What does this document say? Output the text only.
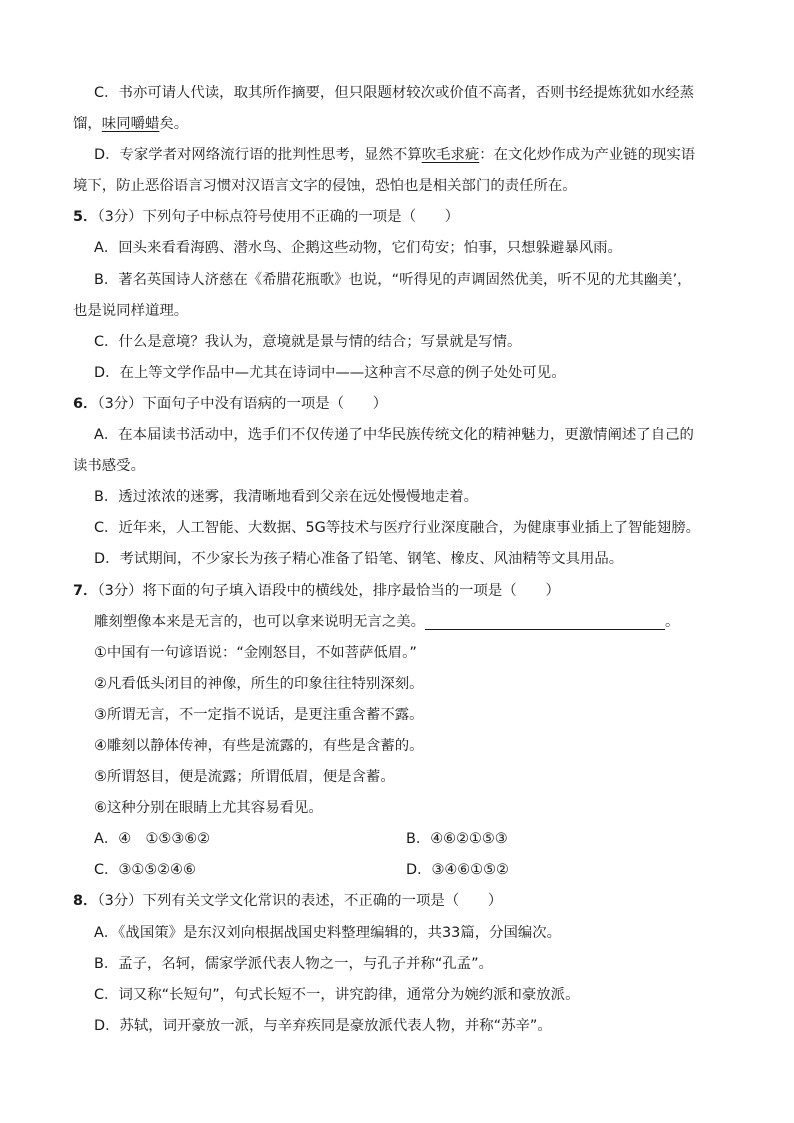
C．书亦可请人代读，取其所作摘要，但只限题材较次或价值不高者，否则书经提炼犹如水经蒸
馏，味同嚼蜡矣。
D．专家学者对网络流行语的批判性思考，显然不算吹毛求疵：在文化炒作成为产业链的现实语
境下，防止恶俗语言习惯对汉语言文字的侵蚀，恐怕也是相关部门的责任所在。
5．（3分）下列句子中标点符号使用不正确的一项是（　　）
A．回头来看看海鸥、潜水鸟、企鹅这些动物，它们苟安；怕事，只想躲避暴风雨。
B．著名英国诗人济慈在《希腊花瓶歌》也说，“听得见的声调固然优美，听不见的尤其幽美’，
也是说同样道理。
C．什么是意境？我认为，意境就是景与情的结合；写景就是写情。
D．在上等文学作品中—尤其在诗词中——这种言不尽意的例子处处可见。
6．（3分）下面句子中没有语病的一项是（　　）
A．在本届读书活动中，选手们不仅传递了中华民族传统文化的精神魅力，更激情阐述了自己的
读书感受。
B．透过浓浓的迷雾，我清晰地看到父亲在远处慢慢地走着。
C．近年来，人工智能、大数据、5G等技术与医疗行业深度融合，为健康事业插上了智能翅膀。
D．考试期间，不少家长为孩子精心准备了铅笔、钢笔、橡皮、风油精等文具用品。
7．（3分）将下面的句子填入语段中的横线处，排序最恰当的一项是（　　）
雕刻塑像本来是无言的，也可以拿来说明无言之美。	。
①中国有一句谚语说：“金刚怒目，不如菩萨低眉。”
②凡看低头闭目的神像，所生的印象往往特别深刻。
③所谓无言，不一定指不说话，是更注重含蓄不露。
④雕刻以静体传神，有些是流露的，有些是含蓄的。
⑤所谓怒目，便是流露；所谓低眉，便是含蓄。
⑥这种分别在眼睛上尤其容易看见。
A．④　①⑤③⑥②	B．④⑥②①⑤③
C．③①⑤②④⑥	D．③④⑥①⑤②
8．（3分）下列有关文学文化常识的表述，不正确的一项是（　　）
A．《战国策》是东汉刘向根据战国史料整理编辑的，共33篇，分国编次。
B．孟子，名轲，儒家学派代表人物之一，与孔子并称“孔孟”。
C．词又称“长短句”，句式长短不一，讲究韵律，通常分为婉约派和豪放派。
D．苏轼，词开豪放一派，与辛弃疾同是豪放派代表人物，并称“苏辛”。
